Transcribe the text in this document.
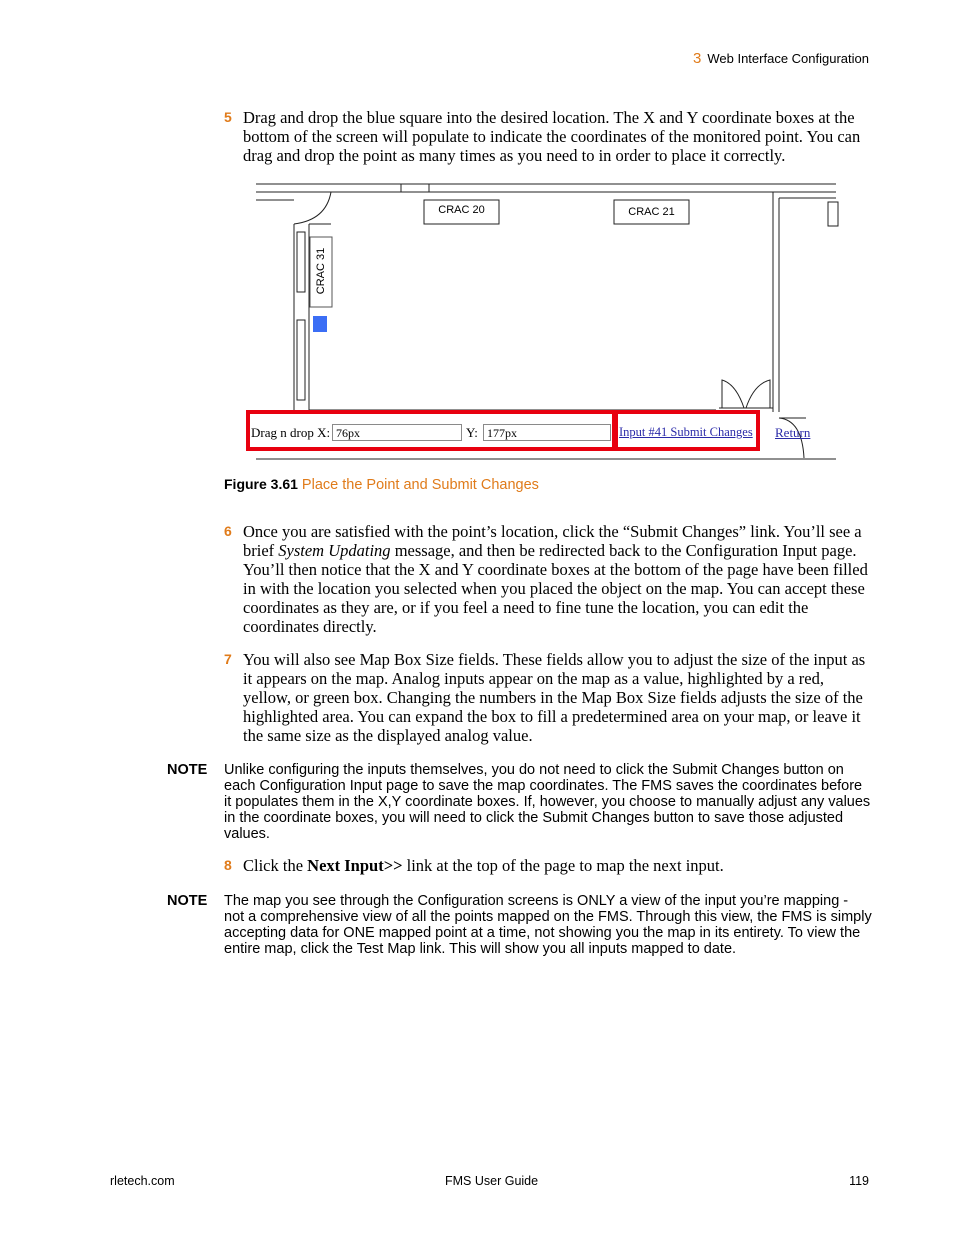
3 Web Interface Configuration
5 Drag and drop the blue square into the desired location. The X and Y coordinate boxes at the bottom of the screen will populate to indicate the coordinates of the monitored point. You can drag and drop the point as many times as you need to in order to place it correctly.
CRAC 20	CRAC 21
CRAC 31
Drag n drop X: 76px	Y: 177px	Input #41 Submit Changes Return
Figure 3.61 Place the Point and Submit Changes
6 Once you are satisfied with the point’s location, click the “Submit Changes” link. You’ll see a brief System Updating message, and then be redirected back to the Configuration Input page. You’ll then notice that the X and Y coordinate boxes at the bottom of the page have been filled in with the location you selected when you placed the object on the map. You can accept these coordinates as they are, or if you feel a need to fine tune the location, you can edit the coordinates directly.
7 You will also see Map Box Size fields. These fields allow you to adjust the size of the input as it appears on the map. Analog inputs appear on the map as a value, highlighted by a red, yellow, or green box. Changing the numbers in the Map Box Size fields adjusts the size of the highlighted area. You can expand the box to fill a predetermined area on your map, or leave it the same size as the displayed analog value.
NOTE Unlike configuring the inputs themselves, you do not need to click the Submit Changes button on each Configuration Input page to save the map coordinates. The FMS saves the coordinates before it populates them in the X,Y coordinate boxes. If, however, you choose to manually adjust any values in the coordinate boxes, you will need to click the Submit Changes button to save those adjusted values.
8 Click the Next Input>> link at the top of the page to map the next input.
NOTE The map you see through the Configuration screens is ONLY a view of the input you’re mapping - not a comprehensive view of all the points mapped on the FMS. Through this view, the FMS is simply accepting data for ONE mapped point at a time, not showing you the map in its entirety. To view the entire map, click the Test Map link. This will show you all inputs mapped to date.
rletech.com	FMS User Guide	119
